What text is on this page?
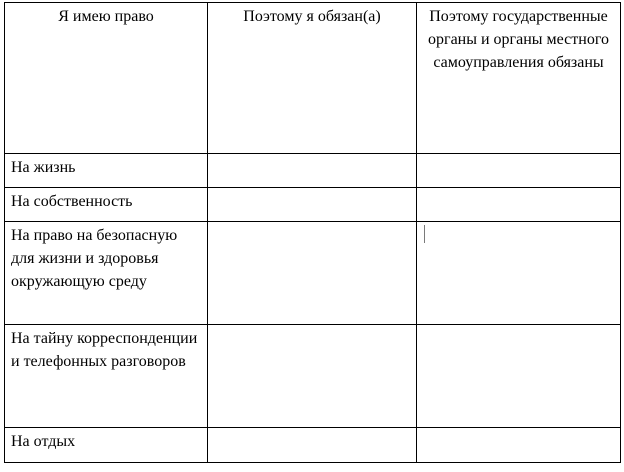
Я имею право	Поэтому я обязан(а)	Поэтому государственные органы и органы местного самоуправления обязаны

На жизнь		

На собственность		

На право на безопасную для жизни и здоровья окружающую среду		

На тайну корреспонденции и телефонных разговоров		

На отдых		
